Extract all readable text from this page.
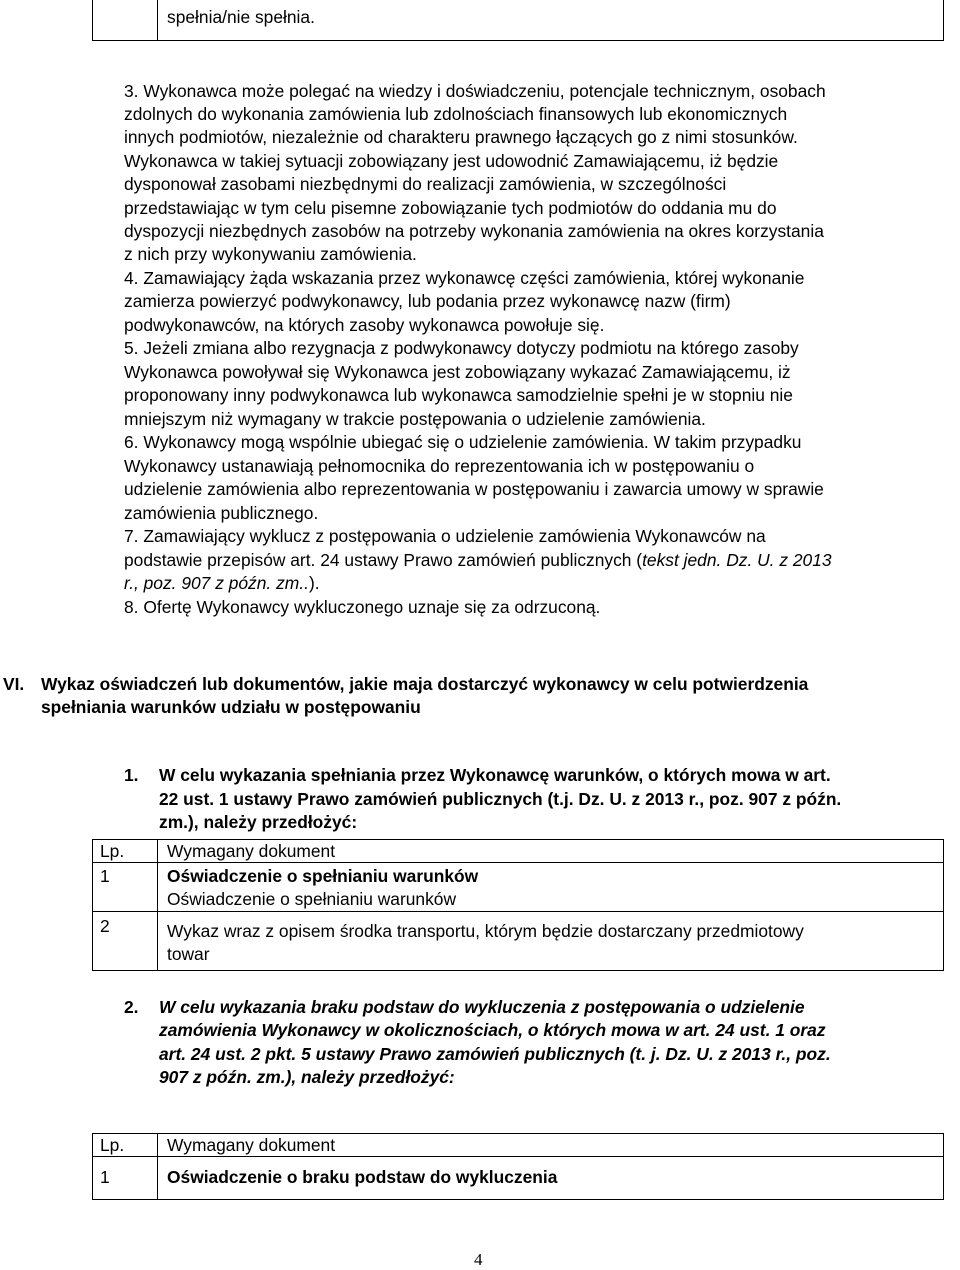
spełnia/nie spełnia.
3. Wykonawca może polegać na wiedzy i doświadczeniu, potencjale technicznym, osobach
zdolnych do wykonania zamówienia lub zdolnościach finansowych lub ekonomicznych
innych podmiotów, niezależnie od charakteru prawnego łączących go z nimi stosunków.
Wykonawca w takiej sytuacji zobowiązany jest udowodnić Zamawiającemu, iż będzie
dysponował zasobami niezbędnymi do realizacji zamówienia, w szczególności
przedstawiając w tym celu pisemne zobowiązanie tych podmiotów do oddania mu do
dyspozycji niezbędnych zasobów na potrzeby wykonania zamówienia na okres korzystania
z nich przy wykonywaniu zamówienia.
4. Zamawiający żąda wskazania przez wykonawcę części zamówienia, której wykonanie
zamierza powierzyć podwykonawcy, lub podania przez wykonawcę nazw (firm)
podwykonawców, na których zasoby wykonawca powołuje się.
5. Jeżeli zmiana albo rezygnacja z podwykonawcy dotyczy podmiotu na którego zasoby
Wykonawca powoływał się Wykonawca jest zobowiązany wykazać Zamawiającemu, iż
proponowany inny podwykonawca lub wykonawca samodzielnie spełni je w stopniu nie
mniejszym niż wymagany w trakcie postępowania o udzielenie zamówienia.
6. Wykonawcy mogą wspólnie ubiegać się o udzielenie zamówienia. W takim przypadku
Wykonawcy ustanawiają pełnomocnika do reprezentowania ich w postępowaniu o
udzielenie zamówienia albo reprezentowania w postępowaniu i zawarcia umowy w sprawie
zamówienia publicznego.
7. Zamawiający wyklucz z postępowania o udzielenie zamówienia Wykonawców na
podstawie przepisów art. 24 ustawy Prawo zamówień publicznych (tekst jedn. Dz. U. z 2013
r., poz. 907 z późn. zm..).
8. Ofertę Wykonawcy wykluczonego uznaje się za odrzuconą.
VI. Wykaz oświadczeń lub dokumentów, jakie maja dostarczyć wykonawcy w celu potwierdzenia
spełniania warunków udziału w postępowaniu
1. W celu wykazania spełniania przez Wykonawcę warunków, o których mowa w art.
22 ust. 1 ustawy Prawo zamówień publicznych (t.j. Dz. U. z 2013 r., poz. 907 z późn.
zm.), należy przedłożyć:
Lp. Wymagany dokument
1	Oświadczenie o spełnianiu warunków
Oświadczenie o spełnianiu warunków
2	Wykaz wraz z opisem środka transportu, którym będzie dostarczany przedmiotowy
towar
2. W celu wykazania braku podstaw do wykluczenia z postępowania o udzielenie
zamówienia Wykonawcy w okolicznościach, o których mowa w art. 24 ust. 1 oraz
art. 24 ust. 2 pkt. 5 ustawy Prawo zamówień publicznych (t. j. Dz. U. z 2013 r., poz.
907 z późn. zm.), należy przedłożyć:
Lp. Wymagany dokument
1	Oświadczenie o braku podstaw do wykluczenia
4
